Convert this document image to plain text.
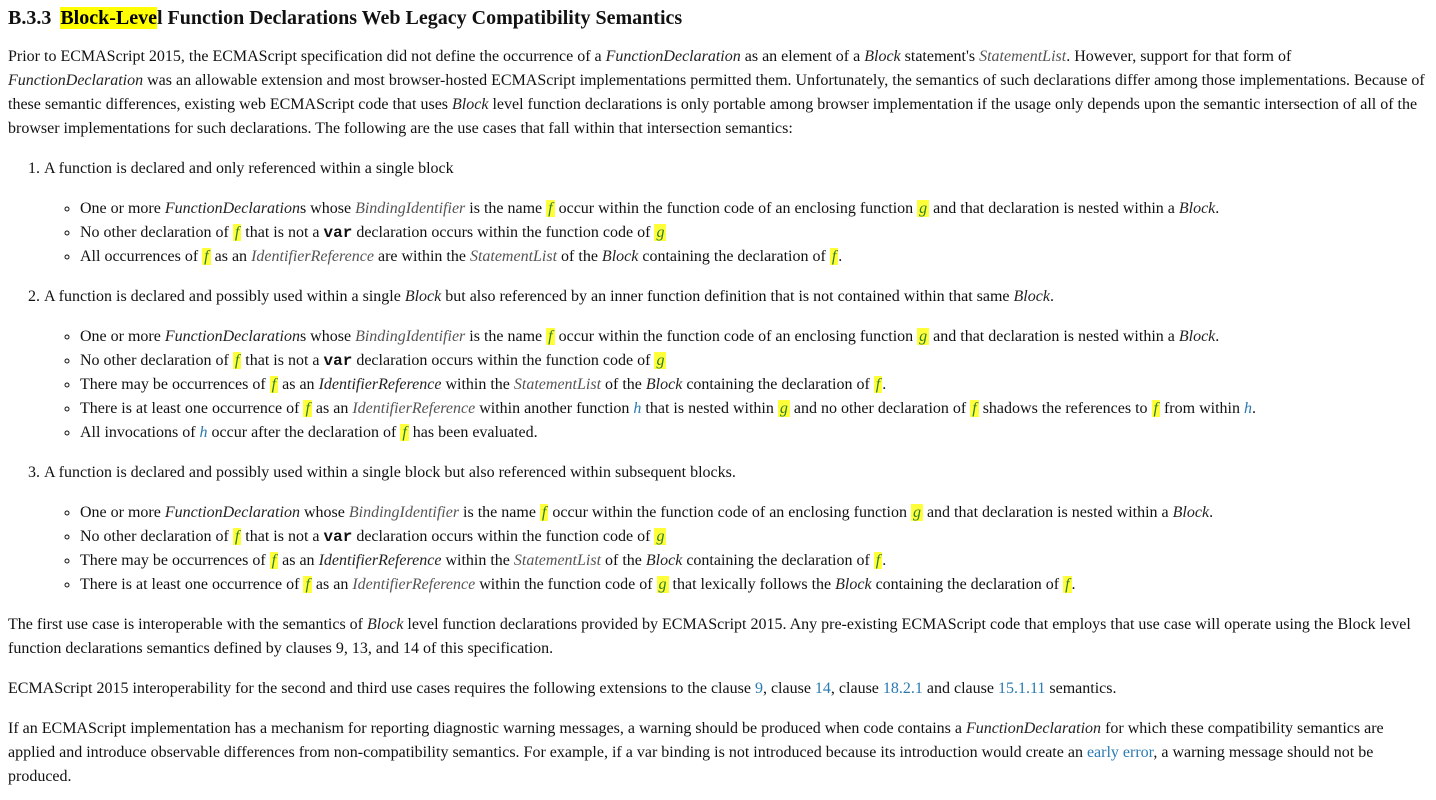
B.3.3 Block-Level Function Declarations Web Legacy Compatibility Semantics

Prior to ECMAScript 2015, the ECMAScript specification did not define the occurrence of a FunctionDeclaration as an element of a Block statement's StatementList. However, support for that form of FunctionDeclaration was an allowable extension and most browser-hosted ECMAScript implementations permitted them. Unfortunately, the semantics of such declarations differ among those implementations. Because of these semantic differences, existing web ECMAScript code that uses Block level function declarations is only portable among browser implementation if the usage only depends upon the semantic intersection of all of the browser implementations for such declarations. The following are the use cases that fall within that intersection semantics:

1. A function is declared and only referenced within a single block
◦ One or more FunctionDeclarations whose BindingIdentifier is the name f occur within the function code of an enclosing function g and that declaration is nested within a Block.
◦ No other declaration of f that is not a var declaration occurs within the function code of g
◦ All occurrences of f as an IdentifierReference are within the StatementList of the Block containing the declaration of f .
2. A function is declared and possibly used within a single Block but also referenced by an inner function definition that is not contained within that same Block.
◦ One or more FunctionDeclarations whose BindingIdentifier is the name f occur within the function code of an enclosing function g and that declaration is nested within a Block.
◦ No other declaration of f that is not a var declaration occurs within the function code of g
◦ There may be occurrences of f as an IdentifierReference within the StatementList of the Block containing the declaration of f .
◦ There is at least one occurrence of f as an IdentifierReference within another function h that is nested within g and no other declaration of f shadows the references to f from within h.
◦ All invocations of h occur after the declaration of f has been evaluated.
3. A function is declared and possibly used within a single block but also referenced within subsequent blocks.
◦ One or more FunctionDeclaration whose BindingIdentifier is the name f occur within the function code of an enclosing function g and that declaration is nested within a Block.
◦ No other declaration of f that is not a var declaration occurs within the function code of g
◦ There may be occurrences of f as an IdentifierReference within the StatementList of the Block containing the declaration of f .
◦ There is at least one occurrence of f as an IdentifierReference within the function code of g that lexically follows the Block containing the declaration of f .

The first use case is interoperable with the semantics of Block level function declarations provided by ECMAScript 2015. Any pre-existing ECMAScript code that employs that use case will operate using the Block level function declarations semantics defined by clauses 9, 13, and 14 of this specification.

ECMAScript 2015 interoperability for the second and third use cases requires the following extensions to the clause 9, clause 14, clause 18.2.1 and clause 15.1.11 semantics.

If an ECMAScript implementation has a mechanism for reporting diagnostic warning messages, a warning should be produced when code contains a FunctionDeclaration for which these compatibility semantics are applied and introduce observable differences from non-compatibility semantics. For example, if a var binding is not introduced because its introduction would create an early error, a warning message should not be produced.
